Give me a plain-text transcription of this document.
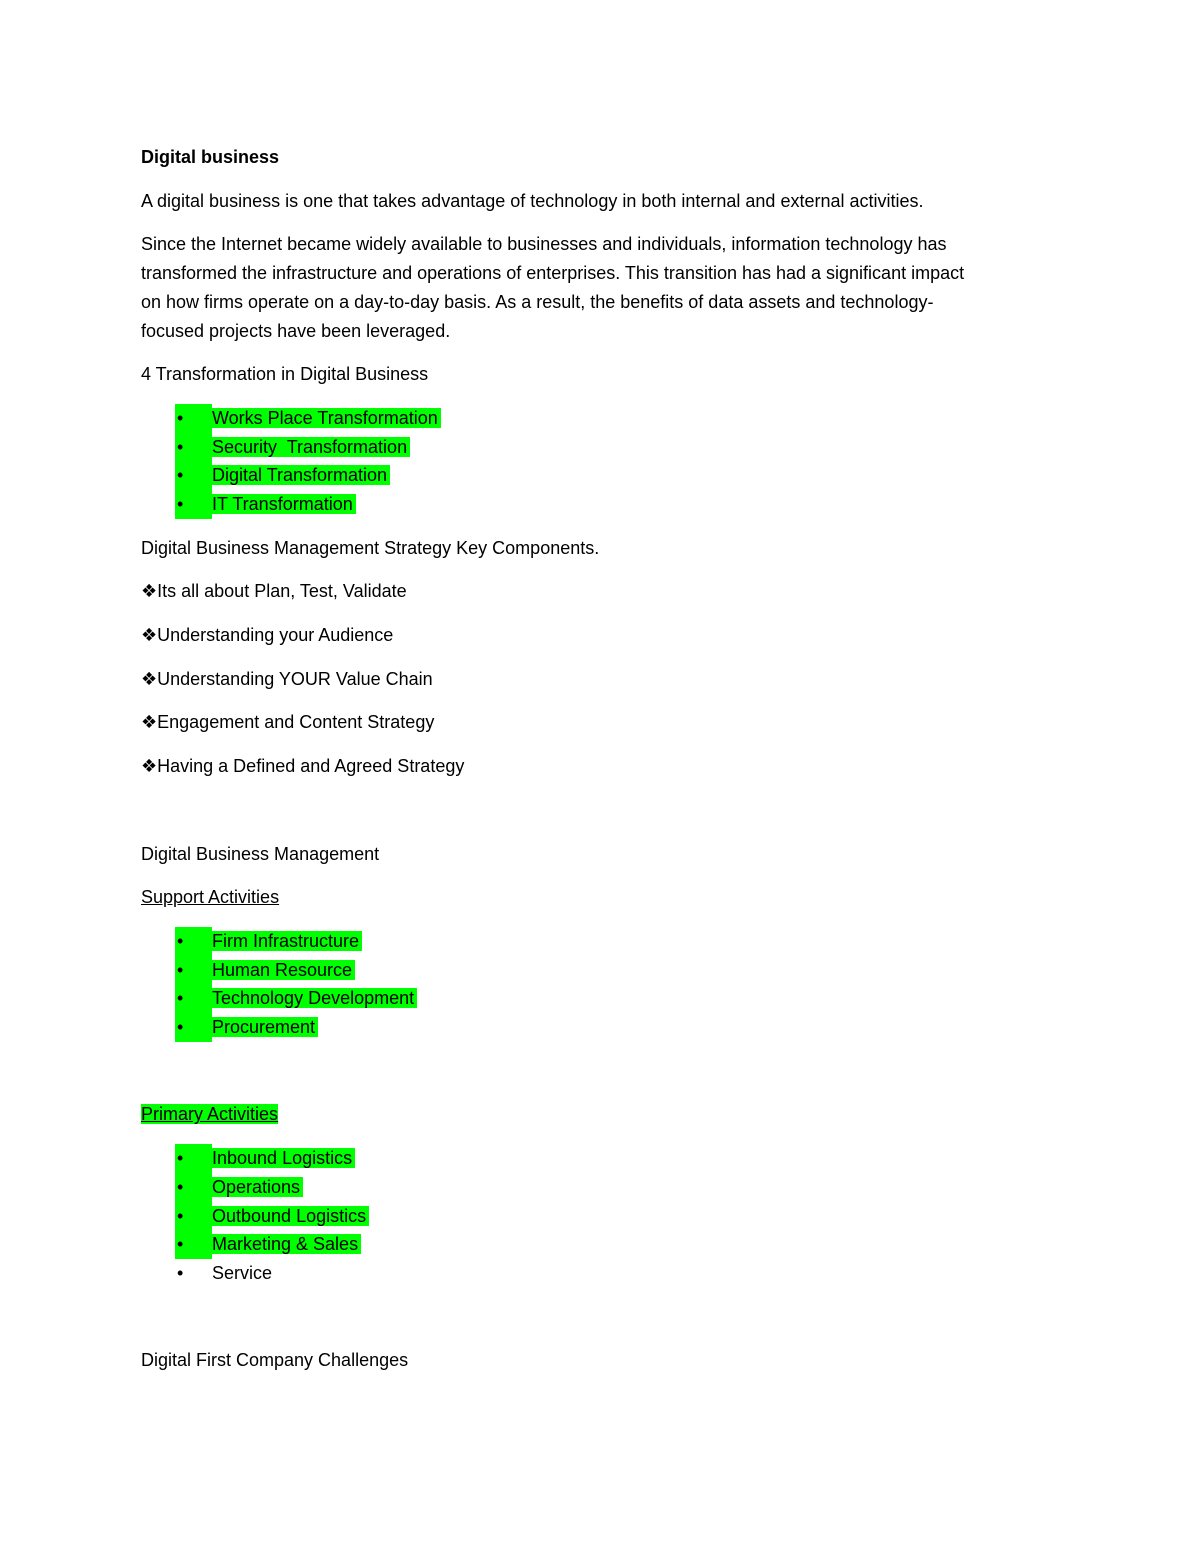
Digital business
A digital business is one that takes advantage of technology in both internal and external activities.
Since the Internet became widely available to businesses and individuals, information technology has
transformed the infrastructure and operations of enterprises. This transition has had a significant impact
on how firms operate on a day-to-day basis. As a result, the benefits of data assets and technology-
focused projects have been leveraged.
4 Transformation in Digital Business
•	Works Place Transformation
•	Security  Transformation
•	Digital Transformation
•	IT Transformation
Digital Business Management Strategy Key Components.
❖Its all about Plan, Test, Validate
❖Understanding your Audience
❖Understanding YOUR Value Chain
❖Engagement and Content Strategy
❖Having a Defined and Agreed Strategy
Digital Business Management
Support Activities
•	Firm Infrastructure
•	Human Resource
•	Technology Development
•	Procurement
Primary Activities
•	Inbound Logistics
•	Operations
•	Outbound Logistics
•	Marketing & Sales
•	Service
Digital First Company Challenges
